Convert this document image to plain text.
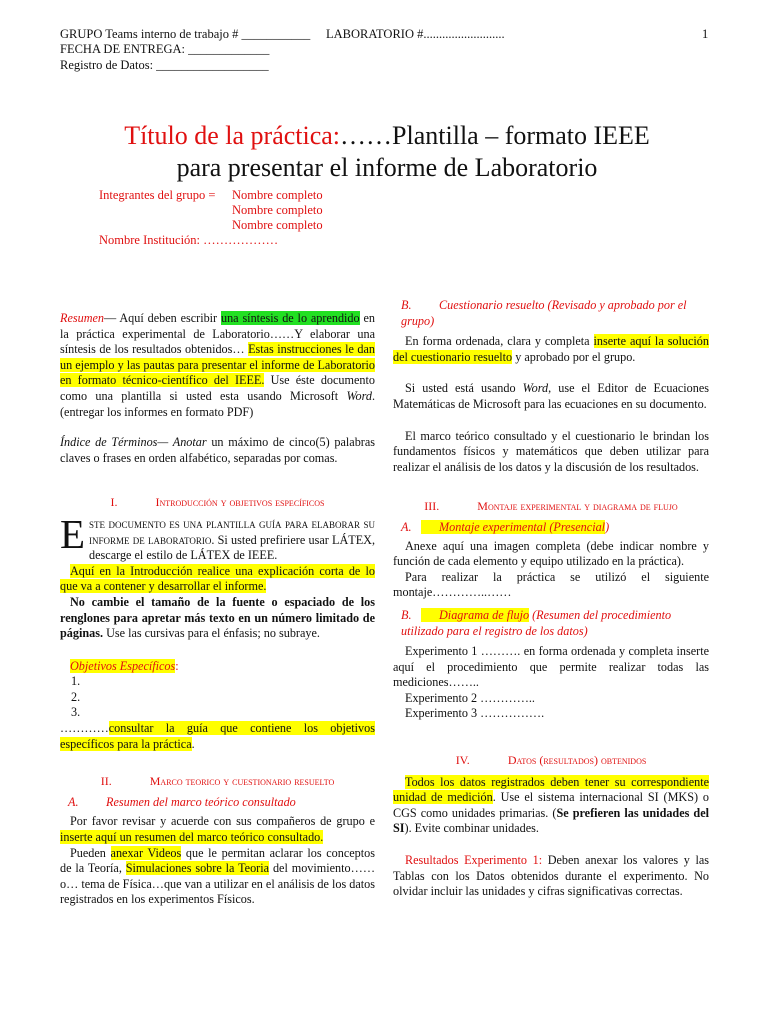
GRUPO Teams interno de trabajo # ___________ LABORATORIO #..........................	1
FECHA DE ENTREGA: _____________
Registro de Datos: __________________
Título de la práctica:……Plantilla – formato IEEE
para presentar el informe de Laboratorio
Integrantes del grupo =	Nombre completo
Nombre completo
Nombre completo
Nombre Institución: ………………

Resumen— Aquí deben escribir una síntesis de lo aprendido en la práctica experimental de Laboratorio……Y elaborar una síntesis de los resultados obtenidos… Estas instrucciones le dan un ejemplo y las pautas para presentar el informe de Laboratorio en formato técnico-científico del IEEE. Use éste documento como una plantilla si usted esta usando Microsoft Word. (entregar los informes en formato PDF)

Índice de Términos— Anotar un máximo de cinco(5) palabras claves o frases en orden alfabético, separadas por comas.

I.	Introducción y objetivos específicos

Este documento es una plantilla guía para elaborar su informe de laboratorio. Si usted prefiriere usar LÁTEX, descarge el estilo de LÁTEX de IEEE.

Aquí en la Introducción realice una explicación corta de lo que va a contener y desarrollar el informe.

No cambie el tamaño de la fuente o espaciado de los renglones para apretar más texto en un número limitado de páginas. Use las cursivas para el énfasis; no subraye.

Objetivos Específicos:

1.

2.

3.

…………consultar la guía que contiene los objetivos específicos para la práctica.

II.	Marco teorico y cuestionario resuelto

A. Resumen del marco teórico consultado

Por favor revisar y acuerde con sus compañeros de grupo e inserte aquí un resumen del marco teórico consultado.

Pueden anexar Videos que le permitan aclarar los conceptos de la Teoría, Simulaciones sobre la Teoria del movimiento……o… tema de Física…que van a utilizar en el análisis de los datos registrados en los experimentos Físicos.

B. Cuestionario resuelto (Revisado y aprobado por el grupo)

En forma ordenada, clara y completa inserte aquí la solución del cuestionario resuelto y aprobado por el grupo.

Si usted está usando Word, use el Editor de Ecuaciones Matemáticas de Microsoft para las ecuaciones en su documento.

El marco teórico consultado y el cuestionario le brindan los fundamentos físicos y matemáticos que deben utilizar para realizar el análisis de los datos y la discusión de los resultados.

III.	Montaje experimental y diagrama de flujo

A. Montaje experimental (Presencial)

Anexe aquí una imagen completa (debe indicar nombre y función de cada elemento y equipo utilizado en la práctica).

Para realizar la práctica se utilizó el siguiente montaje…………..……

B. Diagrama de flujo (Resumen del procedimiento utilizado para el registro de los datos)

Experimento 1 ………. en forma ordenada y completa inserte aquí el procedimiento que permite realizar todas las mediciones……..

Experimento 2 …………..

Experimento 3 …………….

IV.	Datos (resultados) obtenidos

Todos los datos registrados deben tener su correspondiente unidad de medición. Use el sistema internacional SI (MKS) o CGS como unidades primarias. (Se prefieren las unidades del SI). Evite combinar unidades.

Resultados Experimento 1: Deben anexar los valores y las Tablas con los Datos obtenidos durante el experimento. No olvidar incluir las unidades y cifras significativas correctas.
